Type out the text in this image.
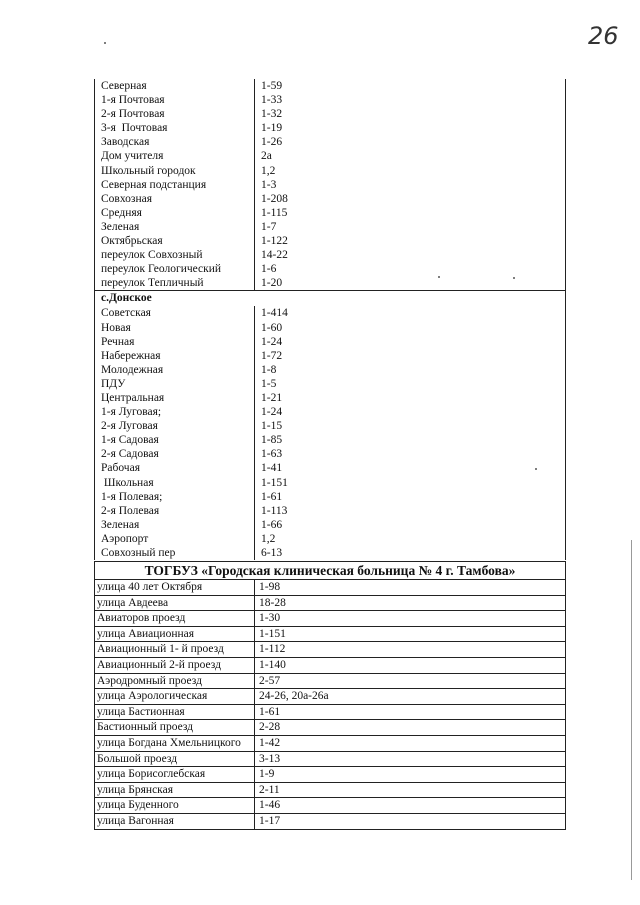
26
Северная	1-59
1-я Почтовая	1-33
2-я Почтовая	1-32
3-я  Почтовая	1-19
Заводская	1-26
Дом учителя	2а
Школьный городок	1,2
Северная подстанция	1-3
Совхозная	1-208
Средняя	1-115
Зеленая	1-7
Октябрьская	1-122
переулок Совхозный	14-22
переулок Геологический	1-6
переулок Тепличный	1-20
с.Донское
Советская	1-414
Новая	1-60
Речная	1-24
Набережная	1-72
Молодежная	1-8
ПДУ	1-5
Центральная	1-21
1-я Луговая;	1-24
2-я Луговая	1-15
1-я Садовая	1-85
2-я Садовая	1-63
Рабочая	1-41
Школьная	1-151
1-я Полевая;	1-61
2-я Полевая	1-113
Зеленая	1-66
Аэропорт	1,2
Совхозный пер	6-13
ТОГБУЗ «Городская клиническая больница № 4 г. Тамбова»
улица 40 лет Октября	1-98
улица Авдеева	18-28
Авиаторов проезд	1-30
улица Авиационная	1-151
Авиационный 1- й проезд	1-112
Авиационный 2-й проезд	1-140
Аэродромный проезд	2-57
улица Аэрологическая	24-26, 20а-26а
улица Бастионная	1-61
Бастионный проезд	2-28
улица Богдана Хмельницкого	1-42
Большой проезд	3-13
улица Борисоглебская	1-9
улица Брянская	2-11
улица Буденного	1-46
улица Вагонная	1-17
